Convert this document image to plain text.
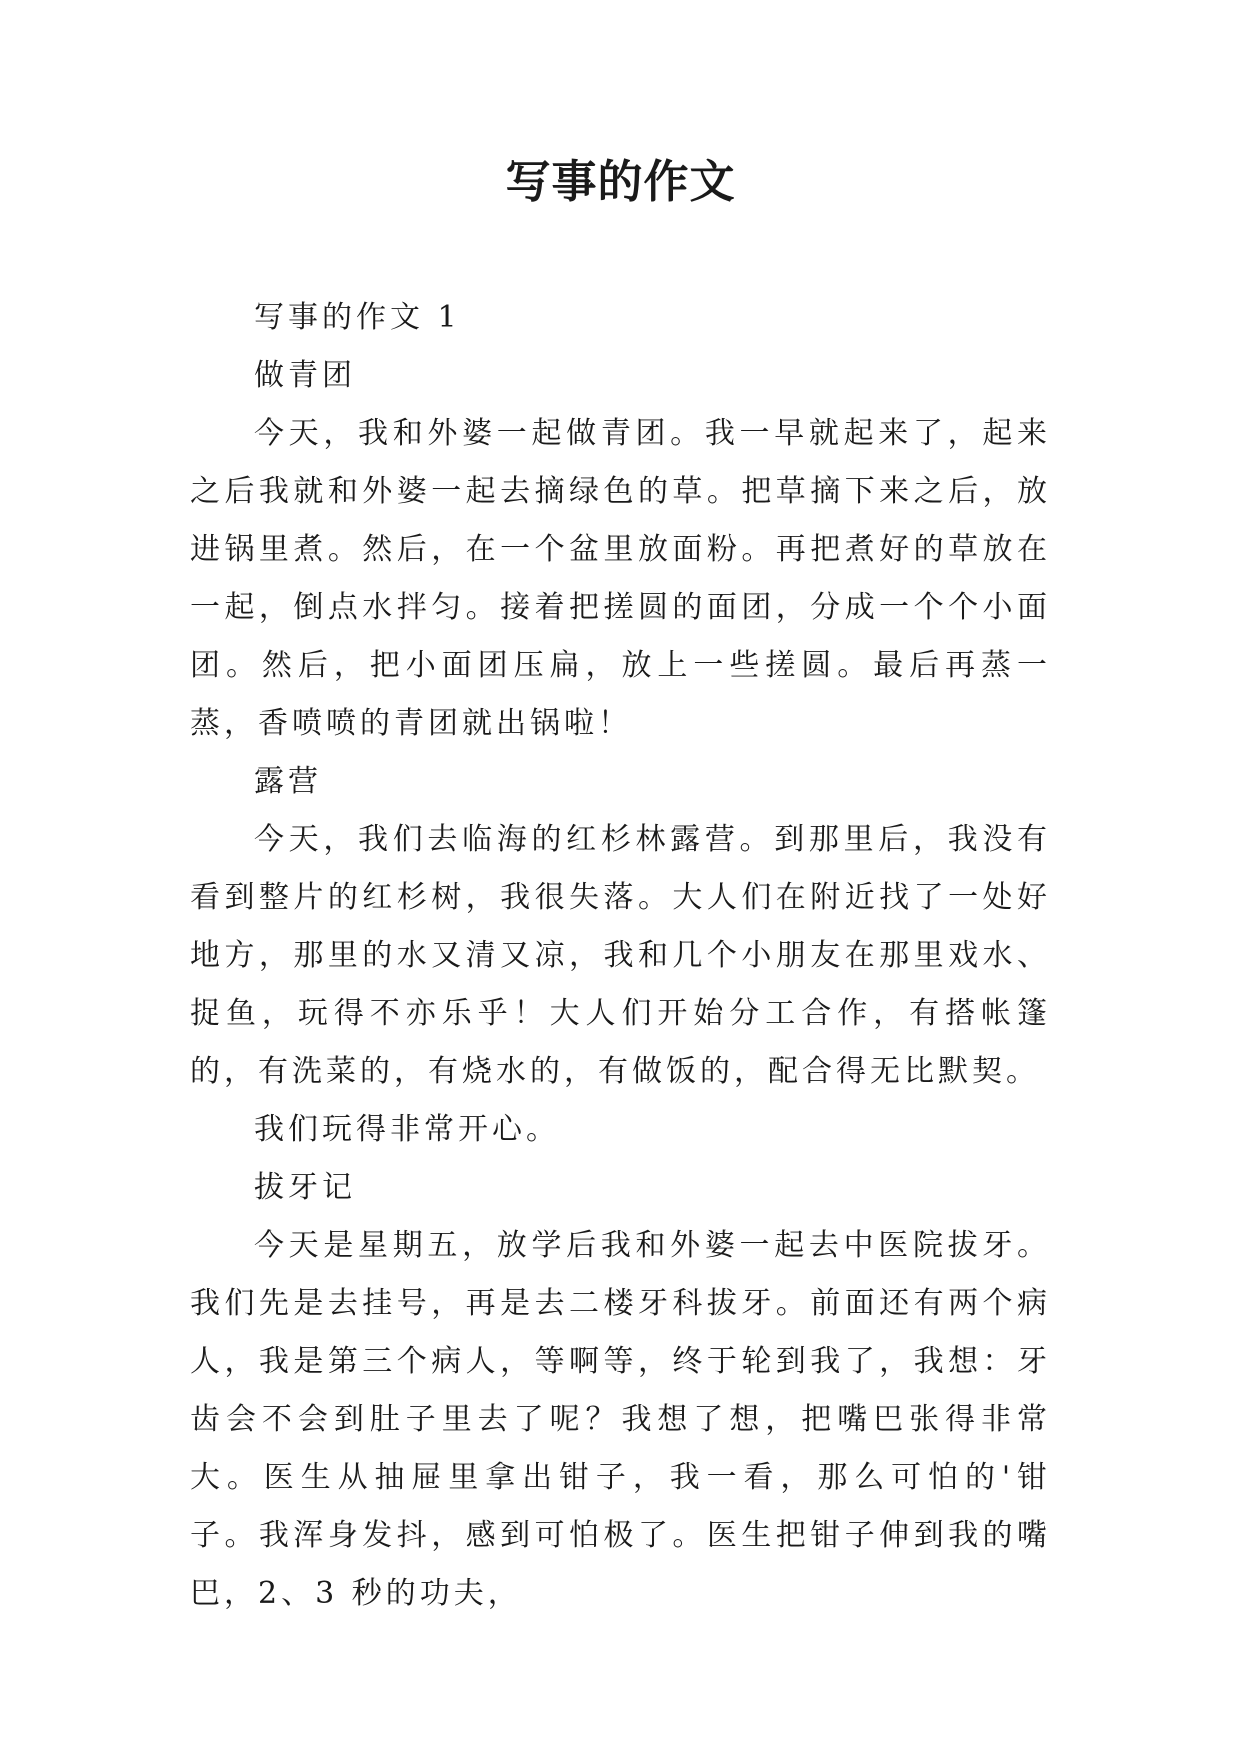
写事的作文

写事的作文 1

做青团

今天，我和外婆一起做青团。我一早就起来了，起来之后我就和外婆一起去摘绿色的草。把草摘下来之后，放进锅里煮。然后，在一个盆里放面粉。再把煮好的草放在一起，倒点水拌匀。接着把搓圆的面团，分成一个个小面团。然后，把小面团压扁，放上一些搓圆。最后再蒸一蒸，香喷喷的青团就出锅啦！

露营

今天，我们去临海的红杉林露营。到那里后，我没有看到整片的红杉树，我很失落。大人们在附近找了一处好地方，那里的水又清又凉，我和几个小朋友在那里戏水、捉鱼，玩得不亦乐乎！大人们开始分工合作，有搭帐篷的，有洗菜的，有烧水的，有做饭的，配合得无比默契。

我们玩得非常开心。

拔牙记

今天是星期五，放学后我和外婆一起去中医院拔牙。我们先是去挂号，再是去二楼牙科拔牙。前面还有两个病人，我是第三个病人，等啊等，终于轮到我了，我想：牙齿会不会到肚子里去了呢？我想了想，把嘴巴张得非常大。医生从抽屉里拿出钳子，我一看，那么可怕的'钳子。我浑身发抖，感到可怕极了。医生把钳子伸到我的嘴巴，2、3 秒的功夫，
